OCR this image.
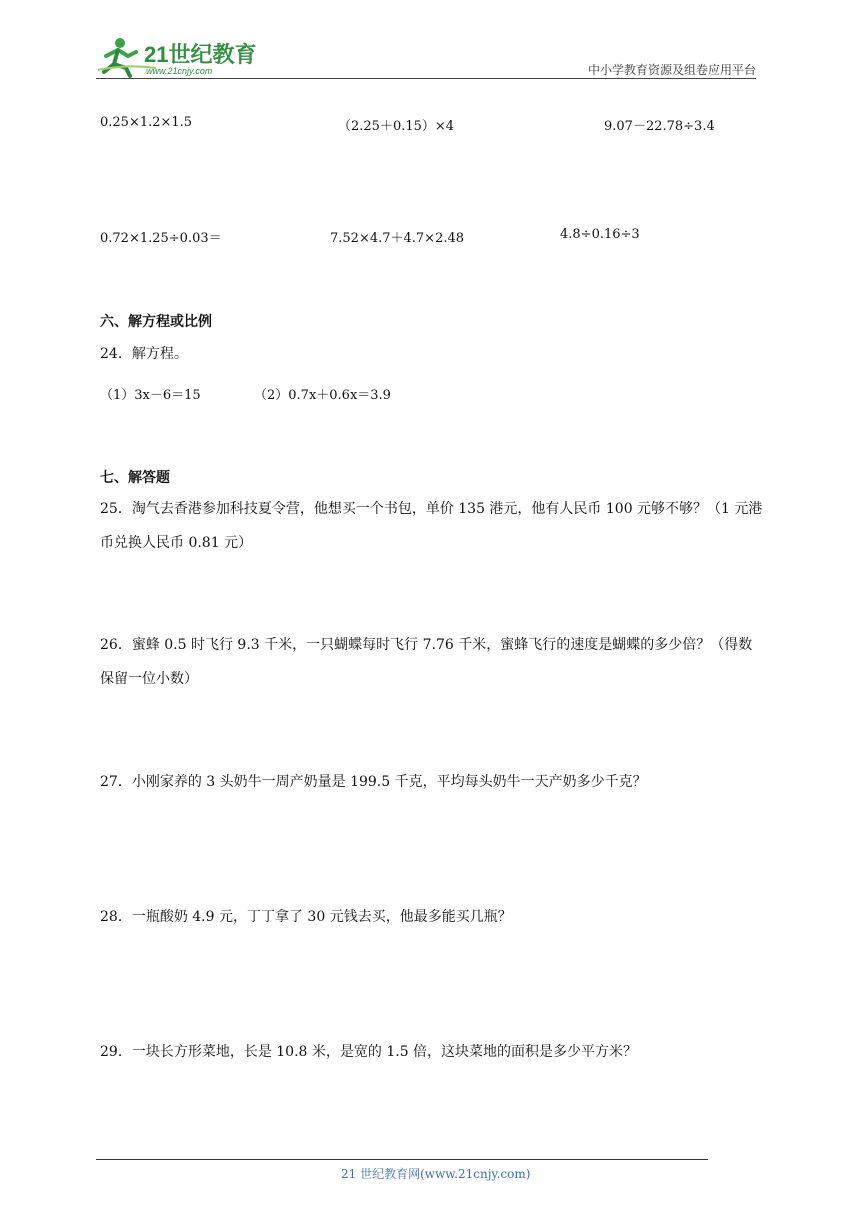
21世纪教育
www.21cnjy.com	中小学教育资源及组卷应用平台
0.25×1.2×1.5	（2.25＋0.15）×4	9.07－22.78÷3.4
0.72×1.25÷0.03＝	7.52×4.7＋4.7×2.48	4.8÷0.16÷3
六、解方程或比例
24．解方程。
（1）3x－6＝15	（2）0.7x＋0.6x＝3.9
七、解答题
25．淘气去香港参加科技夏令营，他想买一个书包，单价 135 港元，他有人民币 100 元够不够？（1 元港币兑换人民币 0.81 元）
26．蜜蜂 0.5 时飞行 9.3 千米，一只蝴蝶每时飞行 7.76 千米，蜜蜂飞行的速度是蝴蝶的多少倍？（得数保留一位小数）
27．小刚家养的 3 头奶牛一周产奶量是 199.5 千克，平均每头奶牛一天产奶多少千克？
28．一瓶酸奶 4.9 元，丁丁拿了 30 元钱去买，他最多能买几瓶？
29．一块长方形菜地，长是 10.8 米，是宽的 1.5 倍，这块菜地的面积是多少平方米？
21 世纪教育网(www.21cnjy.com)
